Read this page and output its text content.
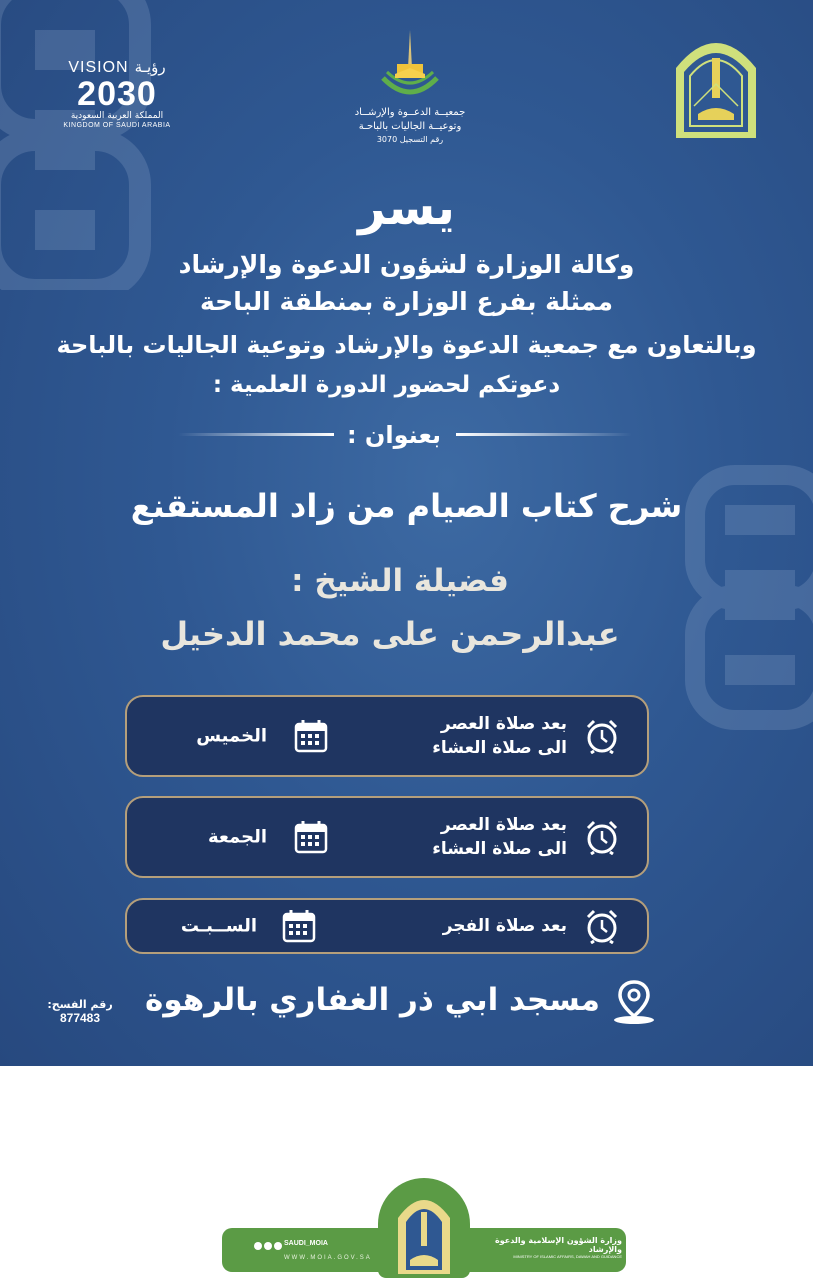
VISION رؤيـة
2030
المملكة العربية السعودية
KINGDOM OF SAUDI ARABIA
جمعيــة الدعــوة والإرشــاد
وتوعيــة الجاليات بالباحـة
رقم التسجيل 3070
يسر
وكالة الوزارة لشؤون الدعوة والإرشاد
ممثلة بفرع الوزارة بمنطقة الباحة
وبالتعاون مع جمعية الدعوة والإرشاد وتوعية الجاليات بالباحة
دعوتكم لحضور الدورة العلمية :
بعنوان :
شرح كتاب الصيام من زاد المستقنع
فضيلة الشيخ :
عبدالرحمن على محمد الدخيل
بعد صلاة العصر
الى صلاة العشاء
الخميس
بعد صلاة العصر
الى صلاة العشاء
الجمعة
بعد صلاة الفجر
الســبـت
مسجد ابي ذر الغفاري بالرهوة
رقم الفسح:
877483
وزارة الشؤون الإسلامية والدعوة والإرشاد
MINISTRY OF ISLAMIC AFFAIRS, DAWAH AND GUIDANCE
SAUDI_MOIA
WWW.MOIA.GOV.SA
